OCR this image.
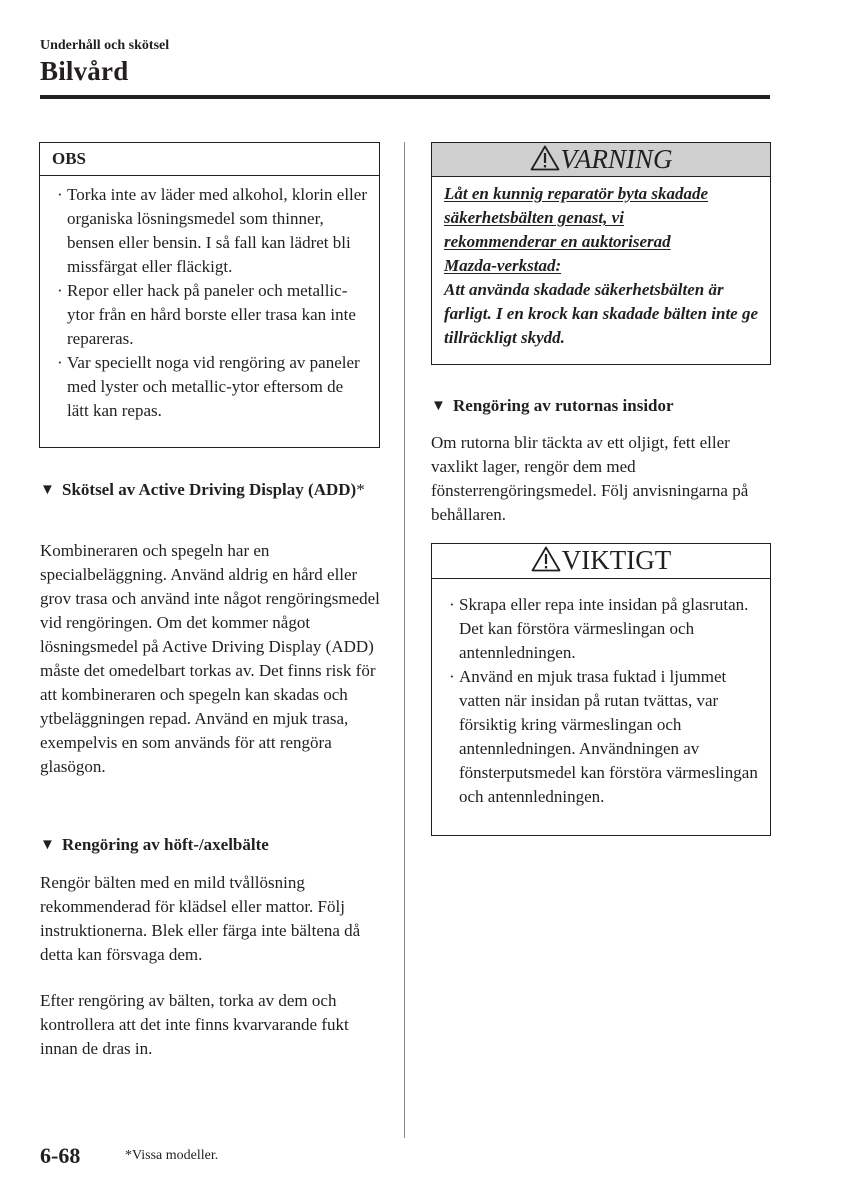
Underhåll och skötsel
Bilvård
OBS
· Torka inte av läder med alkohol, klorin eller organiska lösningsmedel som thinner, bensen eller bensin. I så fall kan lädret bli missfärgat eller fläckigt.
· Repor eller hack på paneler och metallic-ytor från en hård borste eller trasa kan inte repareras.
· Var speciellt noga vid rengöring av paneler med lyster och metallic-ytor eftersom de lätt kan repas.
▼ Skötsel av Active Driving Display (ADD)*
Kombineraren och spegeln har en specialbeläggning. Använd aldrig en hård eller grov trasa och använd inte något rengöringsmedel vid rengöringen. Om det kommer något lösningsmedel på Active Driving Display (ADD) måste det omedelbart torkas av. Det finns risk för att kombineraren och spegeln kan skadas och ytbeläggningen repad. Använd en mjuk trasa, exempelvis en som används för att rengöra glasögon.
▼ Rengöring av höft-/axelbälte
Rengör bälten med en mild tvållösning rekommenderad för klädsel eller mattor. Följ instruktionerna. Blek eller färga inte bältena då detta kan försvaga dem.
Efter rengöring av bälten, torka av dem och kontrollera att det inte finns kvarvarande fukt innan de dras in.
VARNING
Låt en kunnig reparatör byta skadade
säkerhetsbälten genast, vi
rekommenderar en auktoriserad
Mazda-verkstad:
Att använda skadade säkerhetsbälten är farligt. I en krock kan skadade bälten inte ge tillräckligt skydd.
▼ Rengöring av rutornas insidor
Om rutorna blir täckta av ett oljigt, fett eller vaxlikt lager, rengör dem med fönsterrengöringsmedel. Följ anvisningarna på behållaren.
VIKTIGT
· Skrapa eller repa inte insidan på glasrutan. Det kan förstöra värmeslingan och antennledningen.
· Använd en mjuk trasa fuktad i ljummet vatten när insidan på rutan tvättas, var försiktig kring värmeslingan och antennledningen. Användningen av fönsterputsmedel kan förstöra värmeslingan och antennledningen.
6-68	*Vissa modeller.
